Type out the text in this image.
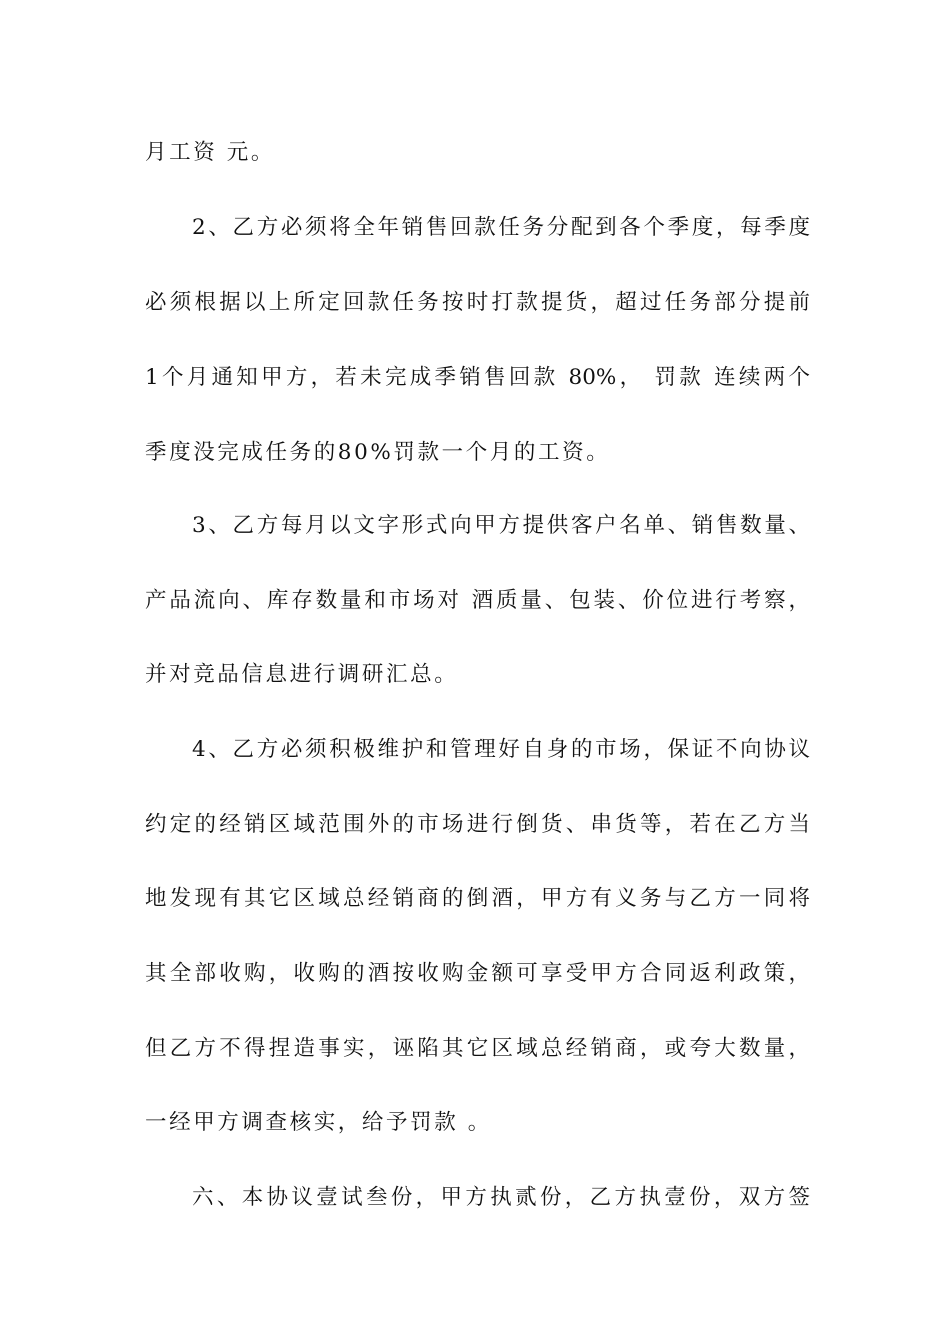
月工资 元。
2、乙方必须将全年销售回款任务分配到各个季度，每季度
必须根据以上所定回款任务按时打款提货，超过任务部分提前
1个月通知甲方，若未完成季销售回款 80%， 罚款 连续两个
季度没完成任务的80%罚款一个月的工资。
3、乙方每月以文字形式向甲方提供客户名单、销售数量、
产品流向、库存数量和市场对 酒质量、包装、价位进行考察，
并对竞品信息进行调研汇总。
4、乙方必须积极维护和管理好自身的市场，保证不向协议
约定的经销区域范围外的市场进行倒货、串货等，若在乙方当
地发现有其它区域总经销商的倒酒，甲方有义务与乙方一同将
其全部收购，收购的酒按收购金额可享受甲方合同返利政策，
但乙方不得捏造事实，诬陷其它区域总经销商，或夸大数量，
一经甲方调查核实，给予罚款 。
六、本协议壹试叁份，甲方执贰份，乙方执壹份，双方签
